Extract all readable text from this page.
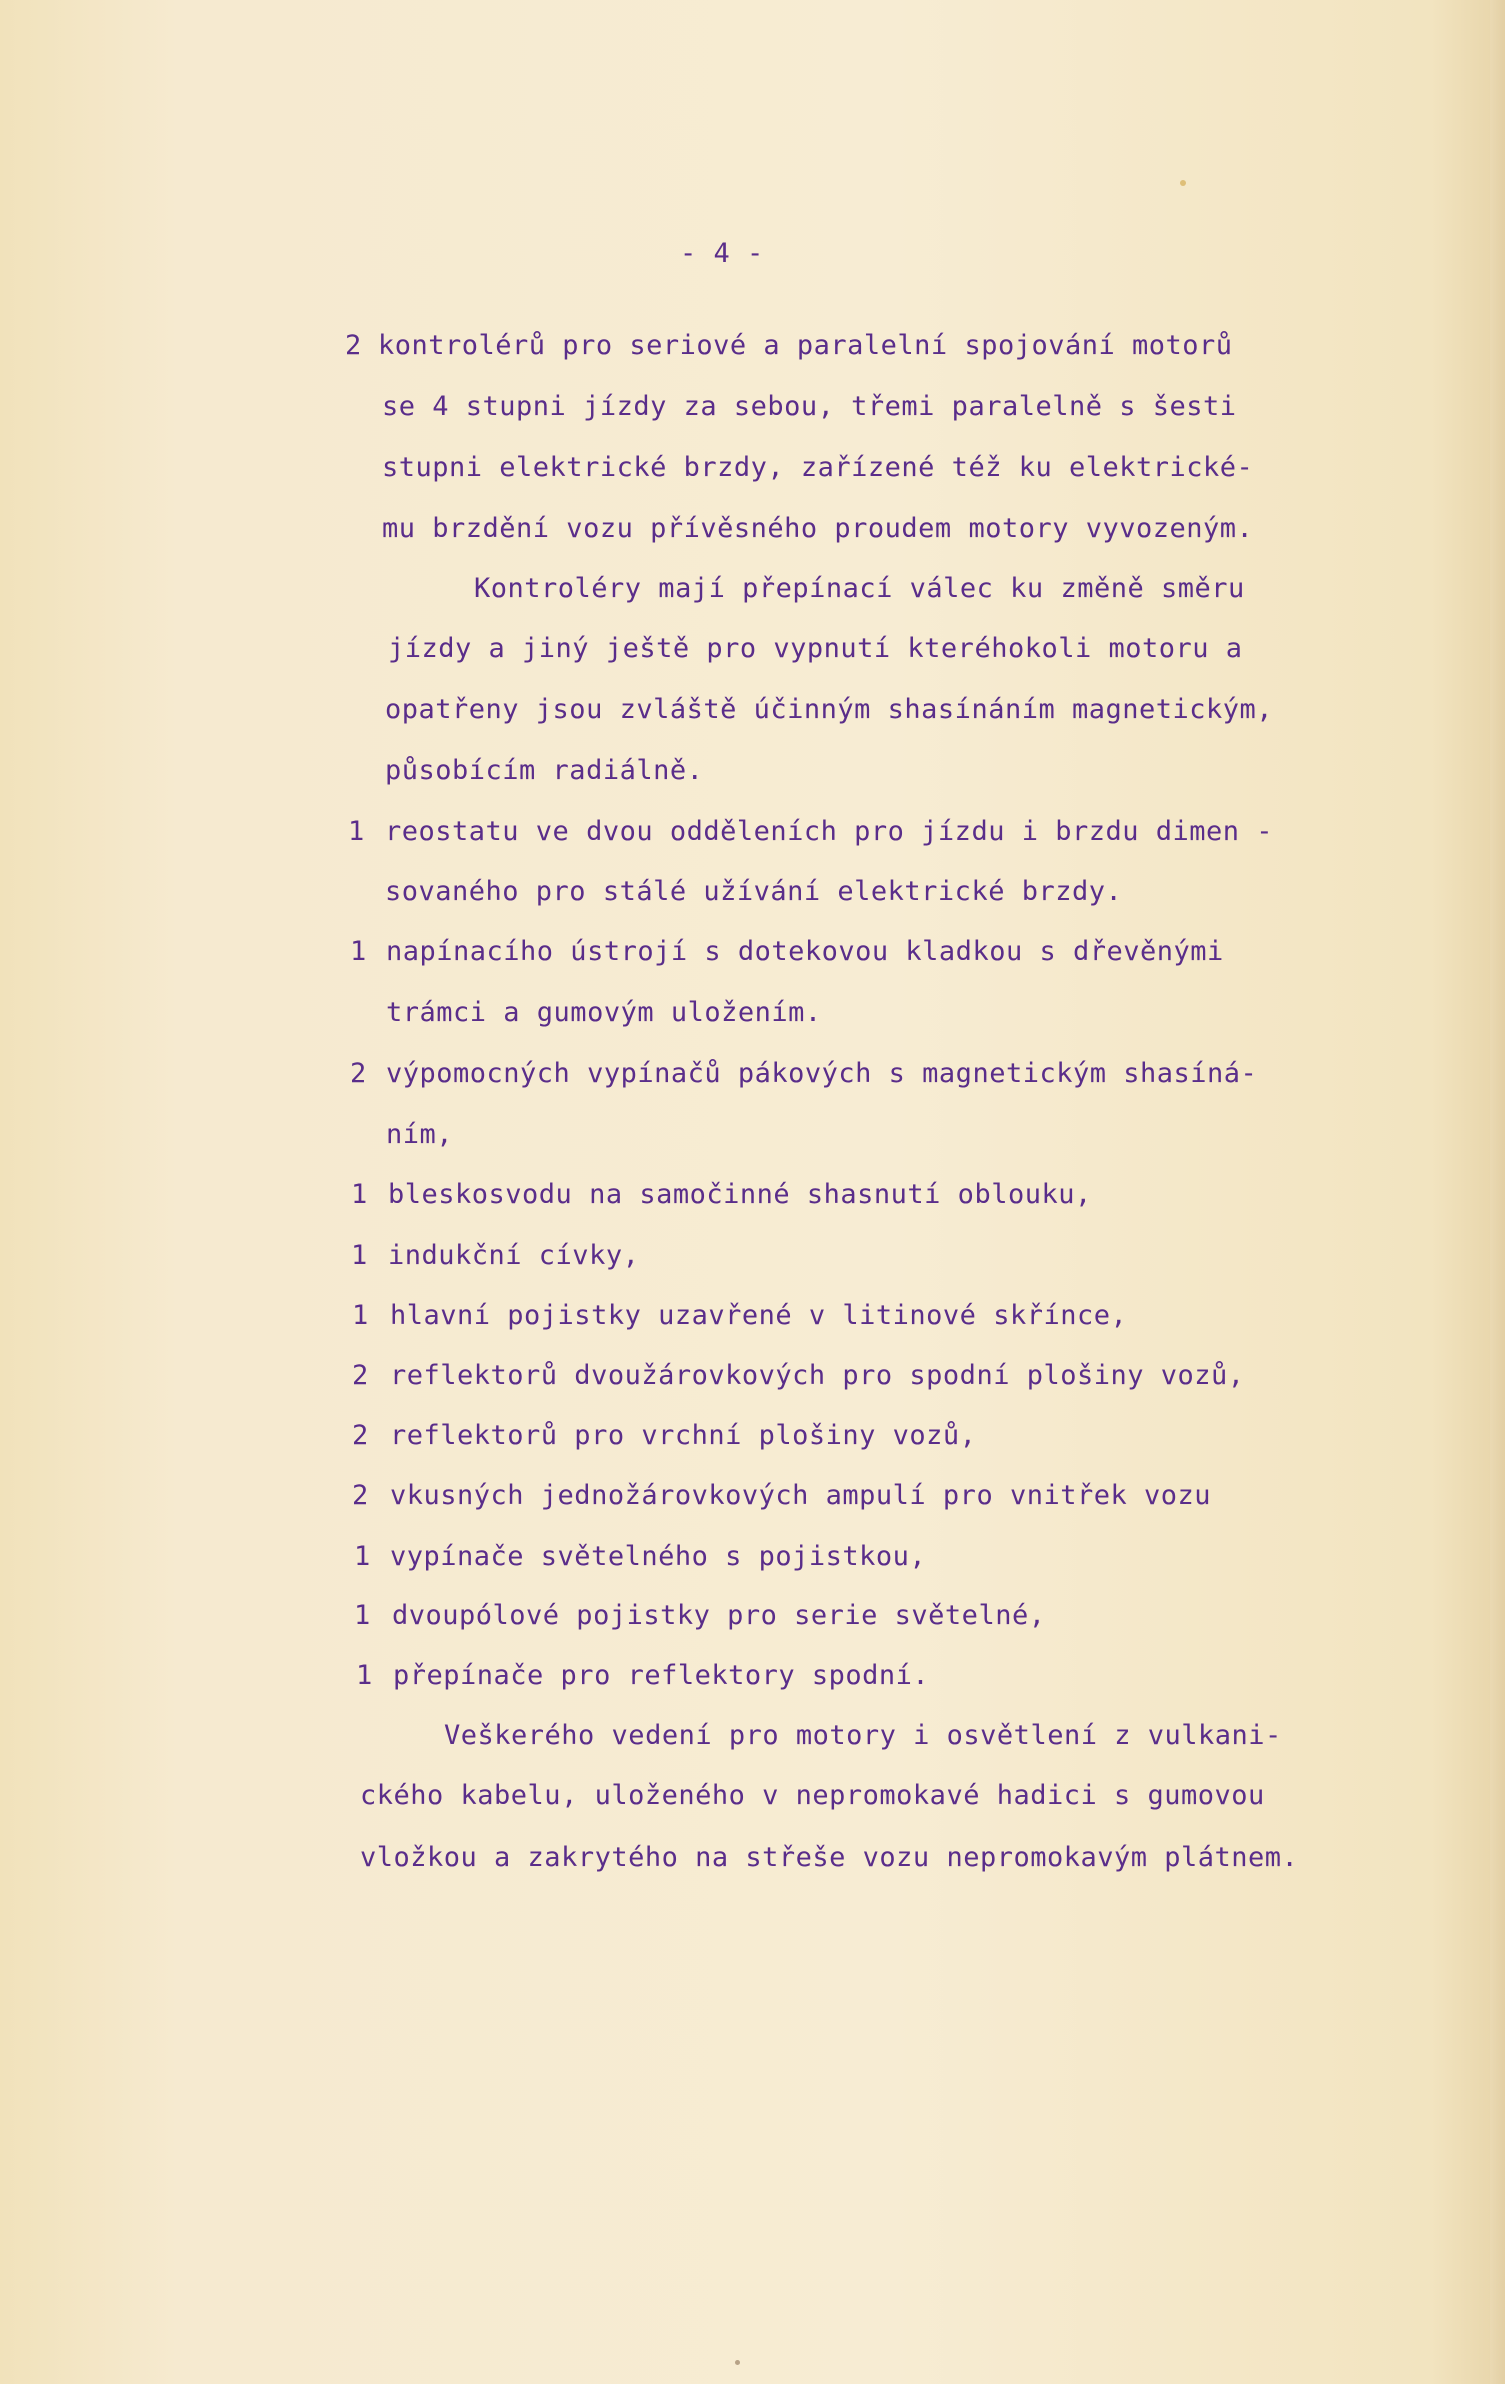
- 4 -
2 kontrolérů pro seriové a paralelní spojování motorů
se 4 stupni jízdy za sebou, třemi paralelně s šesti
stupni elektrické brzdy, zařízené též ku elektrické-
mu brzdění vozu přívěsného proudem motory vyvozeným.
Kontroléry mají přepínací válec ku změně směru
jízdy a jiný ještě pro vypnutí kteréhokoli motoru a
opatřeny jsou zvláště účinným shasínáním magnetickým,
působícím radiálně.
1 reostatu ve dvou odděleních pro jízdu i brzdu dimen -
sovaného pro stálé užívání elektrické brzdy.
1 napínacího ústrojí s dotekovou kladkou s dřevěnými
trámci a gumovým uložením.
2 výpomocných vypínačů pákových s magnetickým shasíná-
ním,
1 bleskosvodu na samočinné shasnutí oblouku,
1 indukční cívky,
1 hlavní pojistky uzavřené v litinové skřínce,
2 reflektorů dvoužárovkových pro spodní plošiny vozů,
2 reflektorů pro vrchní plošiny vozů,
2 vkusných jednožárovkových ampulí pro vnitřek vozu
1 vypínače světelného s pojistkou,
1 dvoupólové pojistky pro serie světelné,
1 přepínače pro reflektory spodní.
Veškerého vedení pro motory i osvětlení z vulkani-
ckého kabelu, uloženého v nepromokavé hadici s gumovou
vložkou a zakrytého na střeše vozu nepromokavým plátnem.
